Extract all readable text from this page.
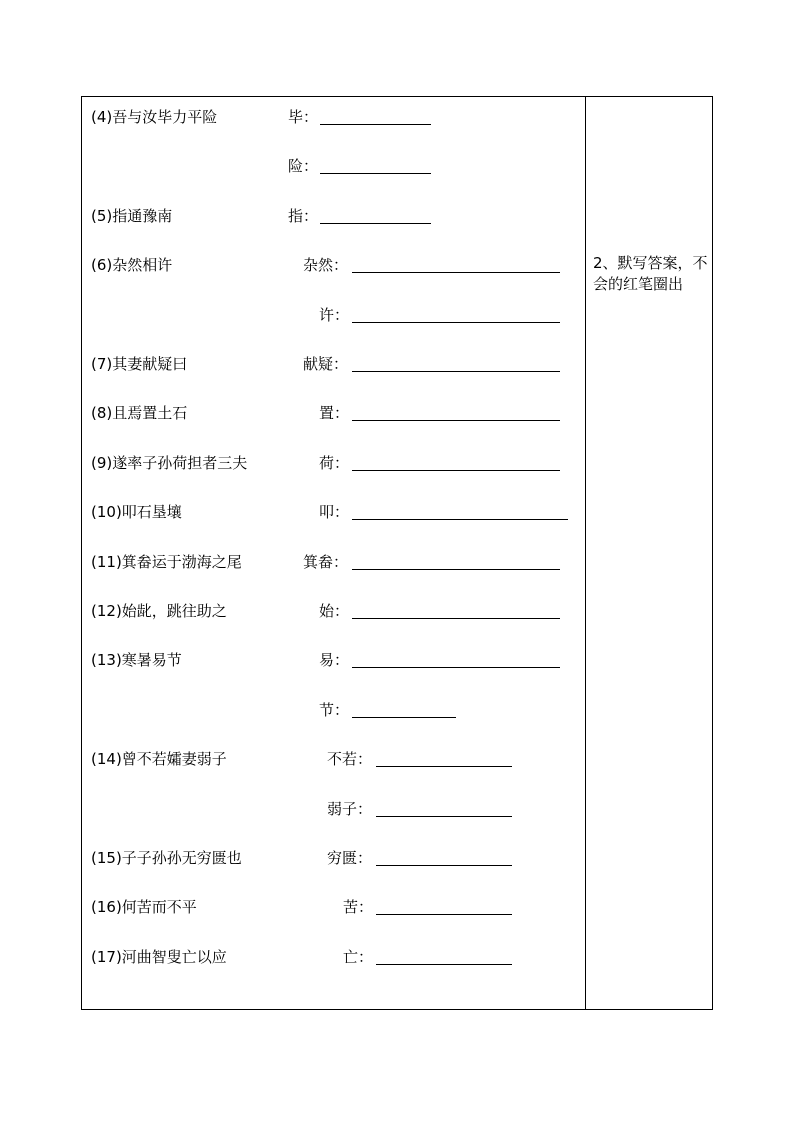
(4)吾与汝毕力平险	毕：
险：
(5)指通豫南	指：
(6)杂然相许	杂然：
许：
(7)其妻献疑曰	献疑：
(8)且焉置土石	置：
(9)遂率子孙荷担者三夫	荷：
(10)叩石垦壤	叩：
(11)箕畚运于渤海之尾	箕畚：
(12)始龀，跳往助之	始：
(13)寒暑易节	易：
节：
(14)曾不若孀妻弱子	不若：
弱子：
(15)子子孙孙无穷匮也	穷匮：
(16)何苦而不平	苦：
(17)河曲智叟亡以应	亡：
2、默写答案，不会的红笔圈出
